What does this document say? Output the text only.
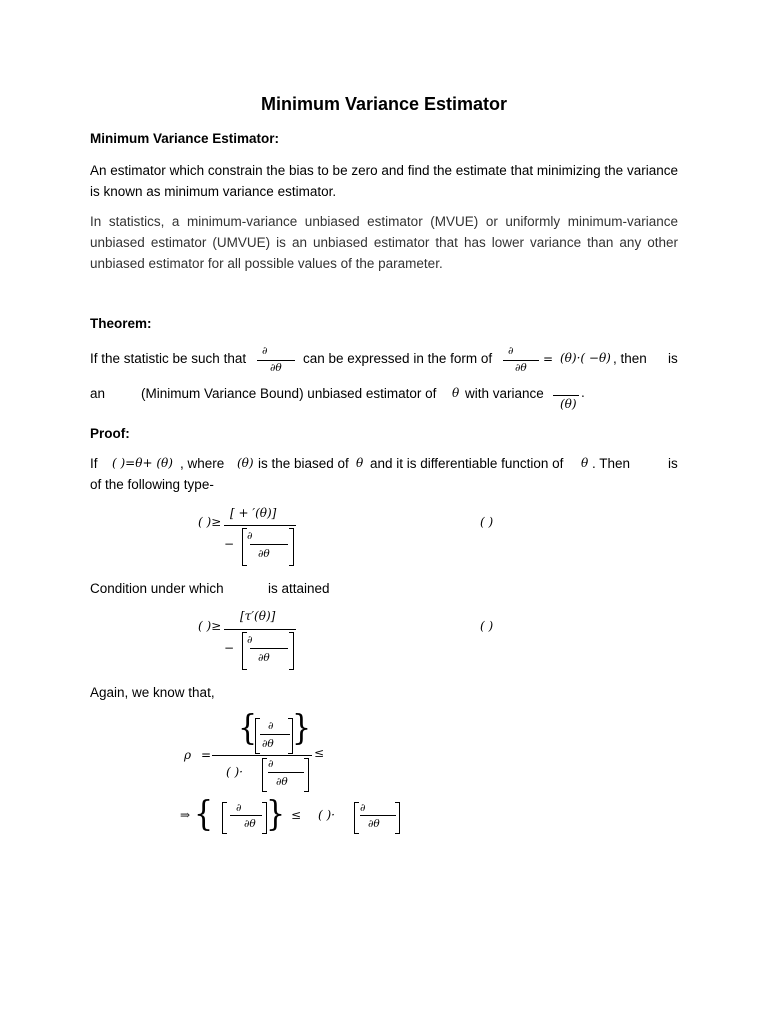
Minimum Variance Estimator
Minimum Variance Estimator:
An estimator which constrain the bias to be zero and find the estimate that minimizing the variance is known as minimum variance estimator.
In statistics, a minimum-variance unbiased estimator (MVUE) or uniformly minimum-variance unbiased estimator (UMVUE) is an unbiased estimator that has lower variance than any other unbiased estimator for all possible values of the parameter.
Theorem:
If the statistic be such that ∂
∂θ
can be expressed in the form of ∂
∂θ
= (θ)·( −θ) , then is
an	(Minimum Variance Bound) unbiased estimator of θ with variance
(θ)
.
Proof:
If ( )=θ+ (θ) , where (θ) is the biased of θ and it is differentiable function of θ . Then	is
of the following type-
[ + ′(θ)]
( )≥
−
∂
∂θ
( )
Condition under which	is attained
[τ′(θ)]
( )≥
−
∂
∂θ
( )
Again, we know that,
{ ∂
∂θ }
ρ =	≤
( )·
∂
∂θ
⇒ { ∂
∂θ } ≤ ( )· ∂
∂θ
